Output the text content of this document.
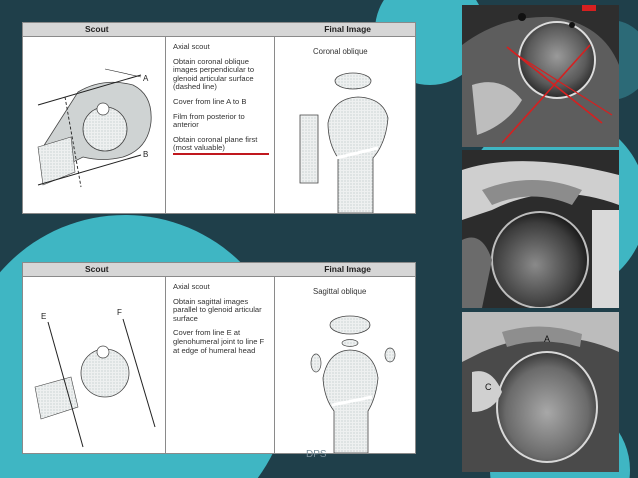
Scout	Final Image
A
B

Axial scout

Obtain coronal oblique images perpendicular to glenoid articular surface (dashed line)

Cover from line A to B

Film from posterior to anterior

Obtain coronal plane first (most valuable)

Coronal oblique
Scout	Final Image
E	F

Axial scout

Obtain sagittal images parallel to glenoid articular surface

Cover from line E at glenohumeral joint to line F at edge of humeral head

Sagittal oblique
A
C
DPS
